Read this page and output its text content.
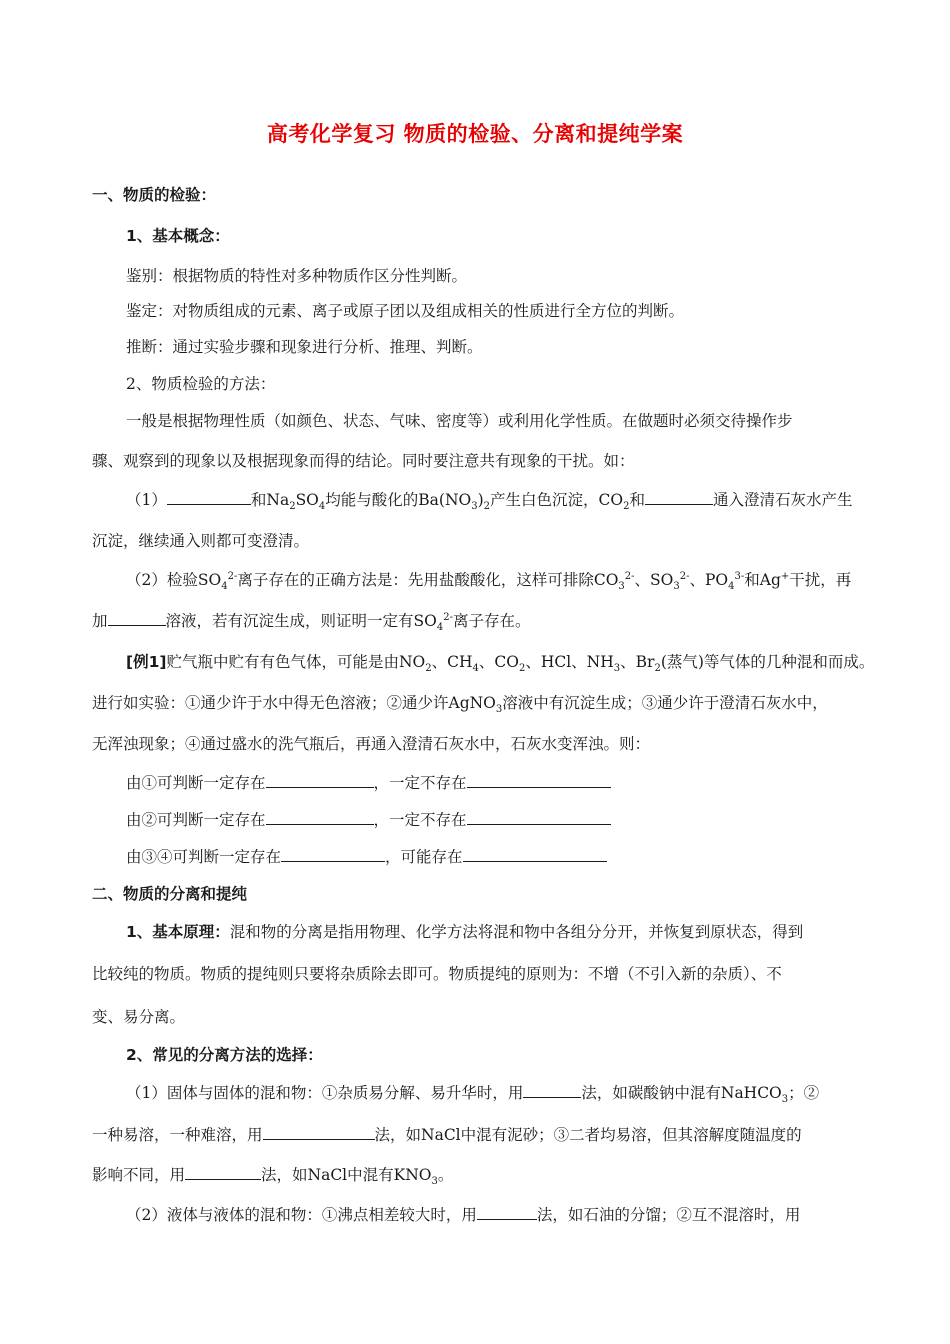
高考化学复习 物质的检验、分离和提纯学案
一、物质的检验：
1、基本概念：
鉴别：根据物质的特性对多种物质作区分性判断。
鉴定：对物质组成的元素、离子或原子团以及组成相关的性质进行全方位的判断。
推断：通过实验步骤和现象进行分析、推理、判断。
2、物质检验的方法：
一般是根据物理性质（如颜色、状态、气味、密度等）或利用化学性质。在做题时必须交待操作步
骤、观察到的现象以及根据现象而得的结论。同时要注意共有现象的干扰。如：
（1）	和$Na_2SO_4$均能与酸化的$Ba(NO_3)_2$产生白色沉淀，$CO_2$和	通入澄清石灰水产生
沉淀，继续通入则都可变澄清。
（2）检验$SO_4^{2-}$离子存在的正确方法是：先用盐酸酸化，这样可排除$CO_3^{2-}$、$SO_3^{2-}$、$PO_4^{3-}$和Ag+干扰，再
加	溶液，若有沉淀生成，则证明一定有$SO_4^{2-}$离子存在。
[例1]贮气瓶中贮有有色气体，可能是由$NO_2$、$CH_4$、$CO_2$、HCl、$NH_3$、$Br_2$(蒸气)等气体的几种混和而成。
进行如实验：①通少许于水中得无色溶液；②通少许AgNO$_3$溶液中有沉淀生成；③通少许于澄清石灰水中，
无浑浊现象；④通过盛水的洗气瓶后，再通入澄清石灰水中，石灰水变浑浊。则：
由①可判断一定存在	，一定不存在
由②可判断一定存在	，一定不存在
由③④可判断一定存在	，可能存在
二、物质的分离和提纯
1、基本原理：混和物的分离是指用物理、化学方法将混和物中各组分分开，并恢复到原状态，得到
比较纯的物质。物质的提纯则只要将杂质除去即可。物质提纯的原则为：不增（不引入新的杂质）、不
变、易分离。
2、常见的分离方法的选择：
（1）固体与固体的混和物：①杂质易分解、易升华时，用	法，如碳酸钠中混有NaHCO$_3$；②
一种易溶，一种难溶，用	法，如NaCl中混有泥砂；③二者均易溶，但其溶解度随温度的
影响不同，用	法，如NaCl中混有$KNO_3$。
（2）液体与液体的混和物：①沸点相差较大时，用	法，如石油的分馏；②互不混溶时，用
